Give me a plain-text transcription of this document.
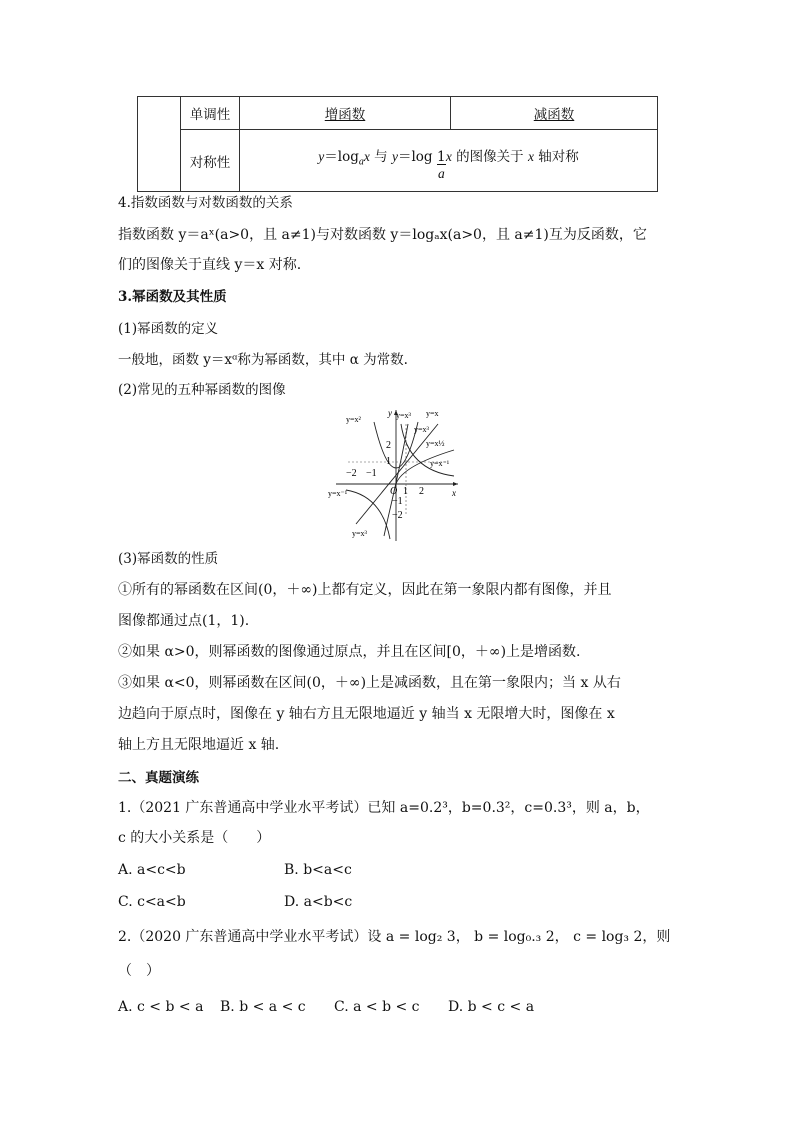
	单调性	增函数	减函数
	对称性	$y=\log_ax$ 与 $y=\log \frac{1}{a}$ x 的图像关于 x 轴对称	
4.指数函数与对数函数的关系
指数函数 y＝aˣ(a>0，且 a≠1)与对数函数 y＝logₐx(a>0，且 a≠1)互为反函数，它
们的图像关于直线 y＝x 对称.
3.幂函数及其性质
(1)幂函数的定义
一般地，函数 y＝xᵅ称为幂函数，其中 α 为常数.
(2)常见的五种幂函数的图像
y=x²	y=x³ y=x
y=x³
y=x½
y=x⁻¹
y=x⁻¹
y=x³
y
x
O
2
1
−2 −1
1 2
−1
−2
(3)幂函数的性质
①所有的幂函数在区间(0，＋∞)上都有定义，因此在第一象限内都有图像，并且
图像都通过点(1，1).
②如果 α>0，则幂函数的图像通过原点，并且在区间[0，＋∞)上是增函数.
③如果 α<0，则幂函数在区间(0，＋∞)上是减函数，且在第一象限内；当 x 从右
边趋向于原点时，图像在 y 轴右方且无限地逼近 y 轴当 x 无限增大时，图像在 x
轴上方且无限地逼近 x 轴.
二、真题演练
1.（2021 广东普通高中学业水平考试）已知 a=0.2³，b=0.3²，c=0.3³，则 a，b，
c 的大小关系是（　　）
A. a<c<b	B. b<a<c
C. c<a<b	D. a<b<c
2.（2020 广东普通高中学业水平考试）设 a = log₂ 3， b = log₀.₃ 2， c = log₃ 2，则
（　）
A. c < b < a B. b < a < c C. a < b < c D. b < c < a
